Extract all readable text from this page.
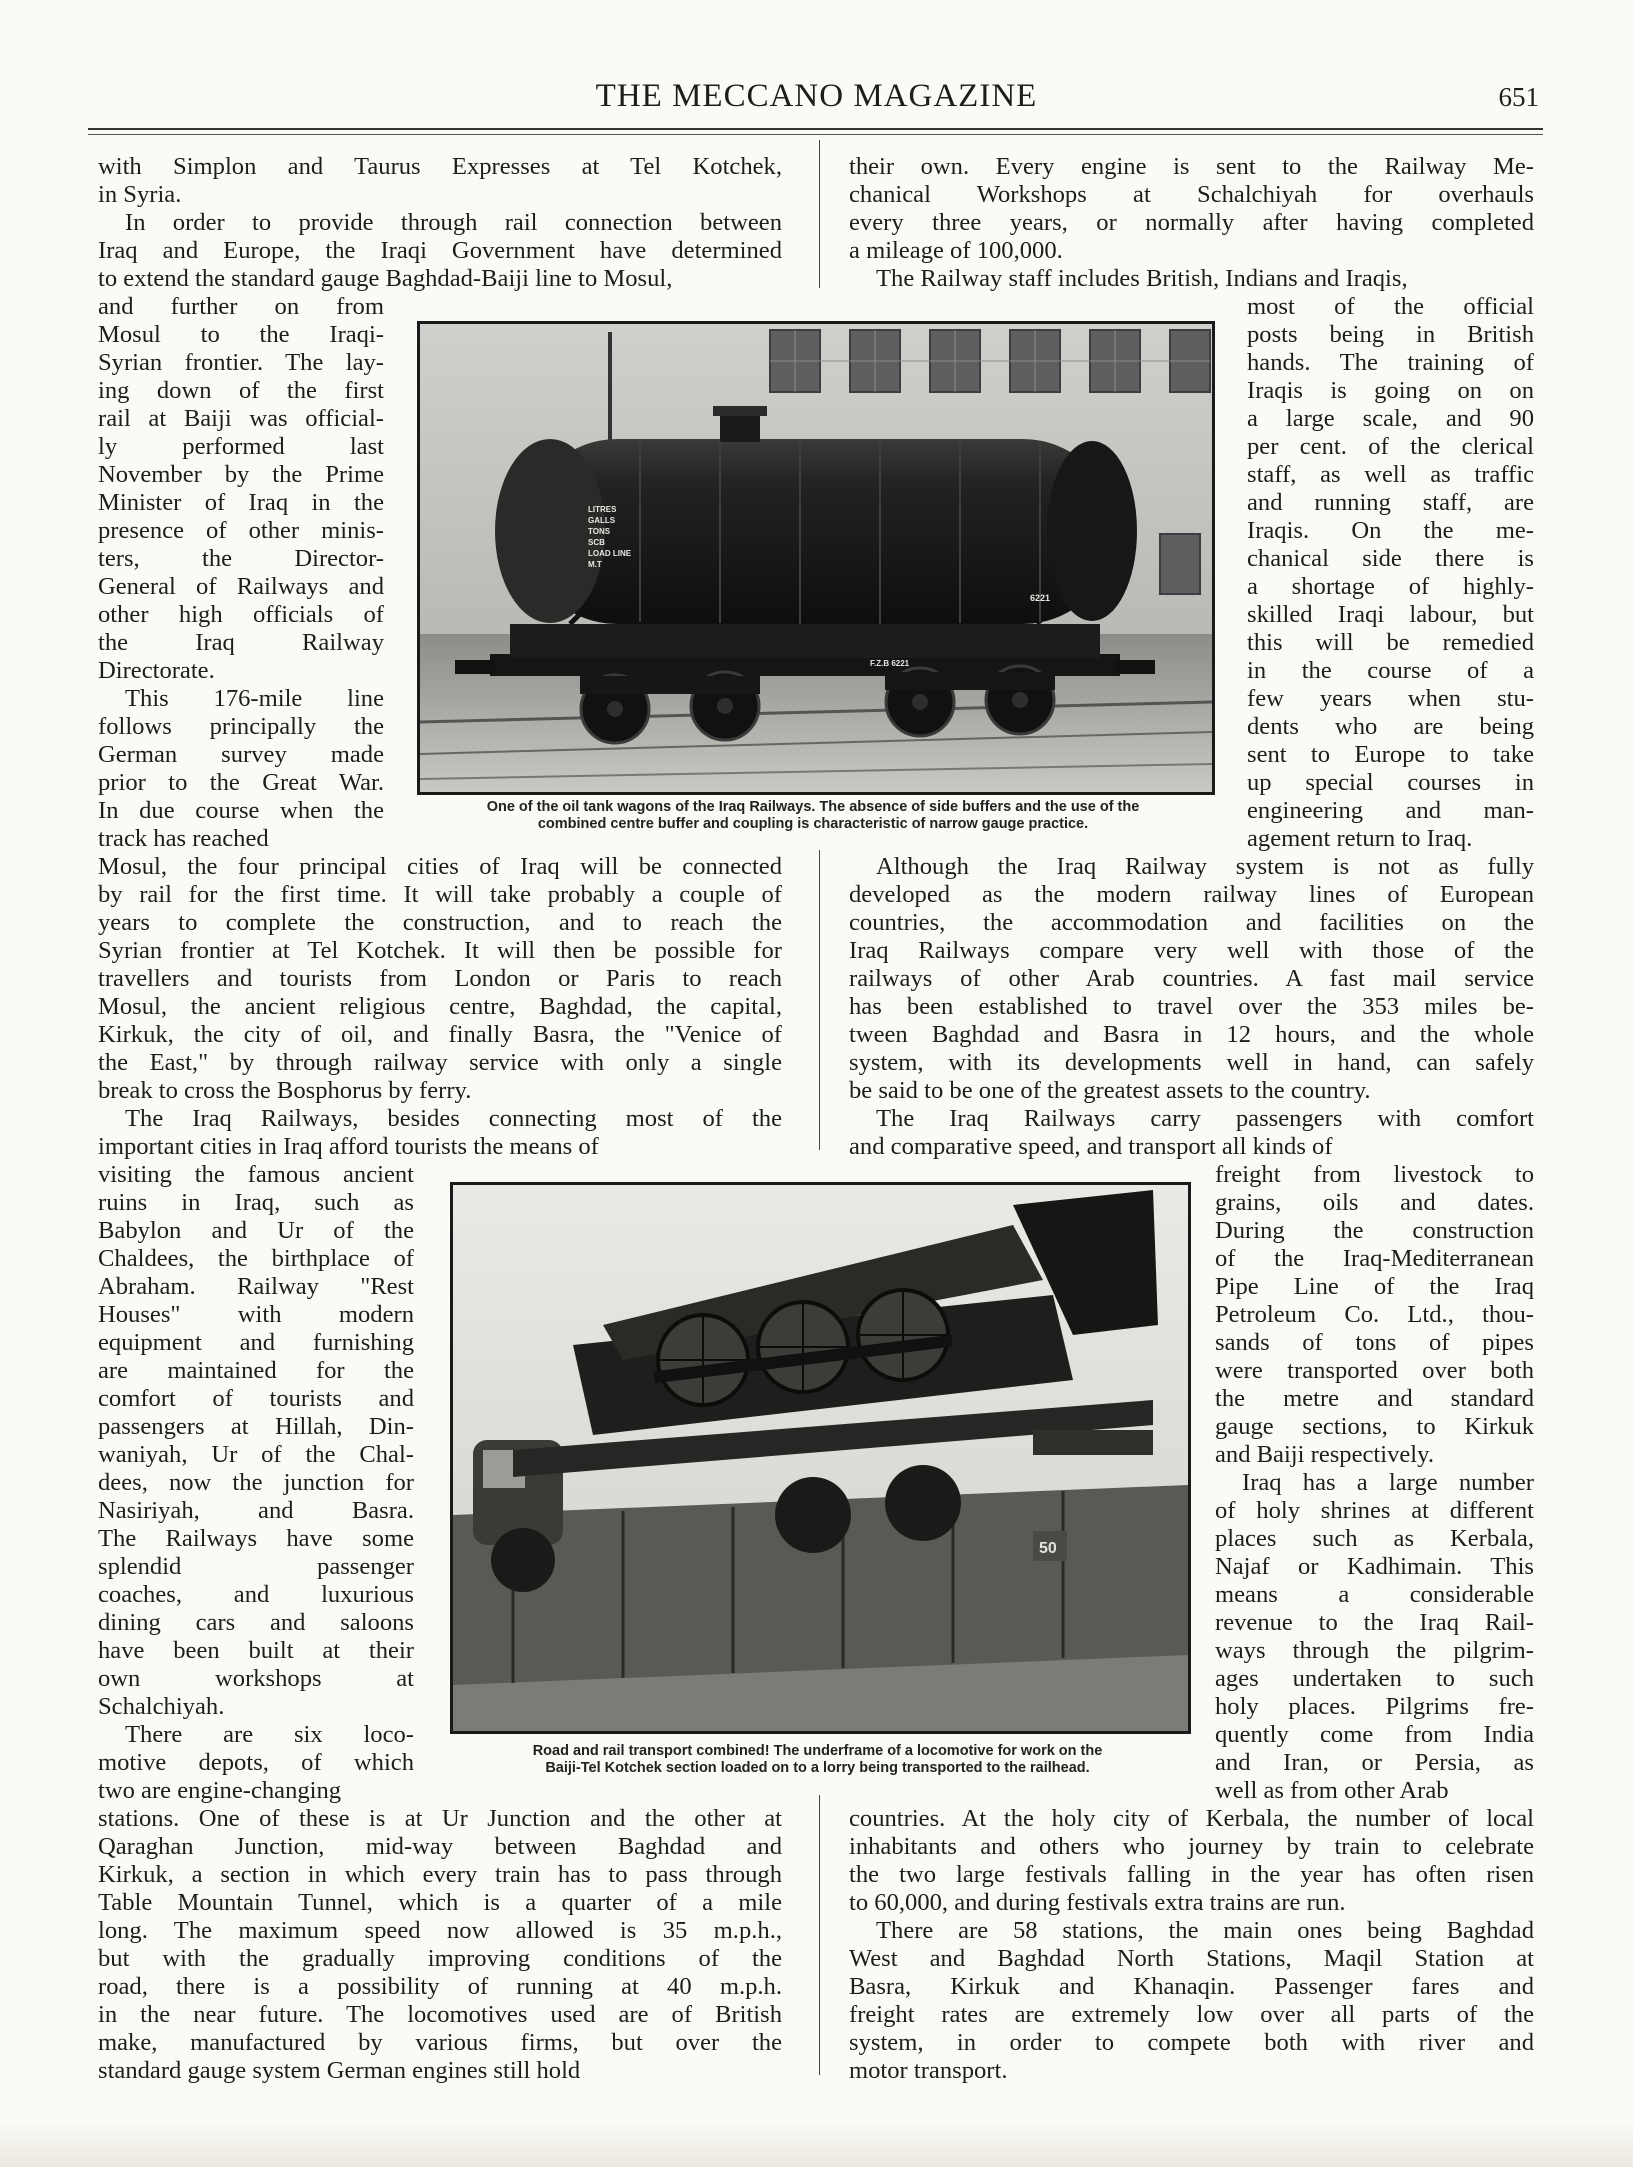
THE MECCANO MAGAZINE	651
with Simplon and Taurus Expresses at Tel Kotchek,
in Syria.
In order to provide through rail connection between
Iraq and Europe, the Iraqi Government have determined
to extend the standard gauge Baghdad-Baiji line to Mosul,
and further on from
Mosul to the Iraqi-
Syrian frontier. The lay-
ing down of the first
rail at Baiji was official-
ly performed last
November by the Prime
Minister of Iraq in the
presence of other minis-
ters, the Director-
General of Railways and
other high officials of
the Iraq Railway
Directorate.
This 176-mile line
follows principally the
German survey made
prior to the Great War.
In due course when the
track has reached
Mosul, the four principal cities of Iraq will be connected
by rail for the first time. It will take probably a couple of
years to complete the construction, and to reach the
Syrian frontier at Tel Kotchek. It will then be possible for
travellers and tourists from London or Paris to reach
Mosul, the ancient religious centre, Baghdad, the capital,
Kirkuk, the city of oil, and finally Basra, the "Venice of
the East," by through railway service with only a single
break to cross the Bosphorus by ferry.
The Iraq Railways, besides connecting most of the
important cities in Iraq afford tourists the means of
visiting the famous ancient
ruins in Iraq, such as
Babylon and Ur of the
Chaldees, the birthplace of
Abraham. Railway "Rest
Houses" with modern
equipment and furnishing
are maintained for the
comfort of tourists and
passengers at Hillah, Din-
waniyah, Ur of the Chal-
dees, now the junction for
Nasiriyah, and Basra.
The Railways have some
splendid passenger
coaches, and luxurious
dining cars and saloons
have been built at their
own workshops at
Schalchiyah.
There are six loco-
motive depots, of which
two are engine-changing
stations. One of these is at Ur Junction and the other at
Qaraghan Junction, mid-way between Baghdad and
Kirkuk, a section in which every train has to pass through
Table Mountain Tunnel, which is a quarter of a mile
long. The maximum speed now allowed is 35 m.p.h.,
but with the gradually improving conditions of the
road, there is a possibility of running at 40 m.p.h.
in the near future. The locomotives used are of British
make, manufactured by various firms, but over the
standard gauge system German engines still hold
their own. Every engine is sent to the Railway Me-
chanical Workshops at Schalchiyah for overhauls
every three years, or normally after having completed
a mileage of 100,000.
The Railway staff includes British, Indians and Iraqis,
most of the official
posts being in British
hands. The training of
Iraqis is going on on
a large scale, and 90
per cent. of the clerical
staff, as well as traffic
and running staff, are
Iraqis. On the me-
chanical side there is
a shortage of highly-
skilled Iraqi labour, but
this will be remedied
in the course of a
few years when stu-
dents who are being
sent to Europe to take
up special courses in
engineering and man-
agement return to Iraq.
Although the Iraq Railway system is not as fully
developed as the modern railway lines of European
countries, the accommodation and facilities on the
Iraq Railways compare very well with those of the
railways of other Arab countries. A fast mail service
has been established to travel over the 353 miles be-
tween Baghdad and Basra in 12 hours, and the whole
system, with its developments well in hand, can safely
be said to be one of the greatest assets to the country.
The Iraq Railways carry passengers with comfort
and comparative speed, and transport all kinds of
freight from livestock to
grains, oils and dates.
During the construction
of the Iraq-Mediterranean
Pipe Line of the Iraq
Petroleum Co. Ltd., thou-
sands of tons of pipes
were transported over both
the metre and standard
gauge sections, to Kirkuk
and Baiji respectively.
Iraq has a large number
of holy shrines at different
places such as Kerbala,
Najaf or Kadhimain. This
means a considerable
revenue to the Iraq Rail-
ways through the pilgrim-
ages undertaken to such
holy places. Pilgrims fre-
quently come from India
and Iran, or Persia, as
well as from other Arab
countries. At the holy city of Kerbala, the number of local
inhabitants and others who journey by train to celebrate
the two large festivals falling in the year has often risen
to 60,000, and during festivals extra trains are run.
There are 58 stations, the main ones being Baghdad
West and Baghdad North Stations, Maqil Station at
Basra, Kirkuk and Khanaqin. Passenger fares and
freight rates are extremely low over all parts of the
system, in order to compete both with river and
motor transport.
LITRES
GALLS
TONS
SCB
LOAD LINE
M.T
6221
F.Z.B 6221
One of the oil tank wagons of the Iraq Railways. The absence of side buffers and the use of the
combined centre buffer and coupling is characteristic of narrow gauge practice.
50
Road and rail transport combined! The underframe of a locomotive for work on the
Baiji-Tel Kotchek section loaded on to a lorry being transported to the railhead.
